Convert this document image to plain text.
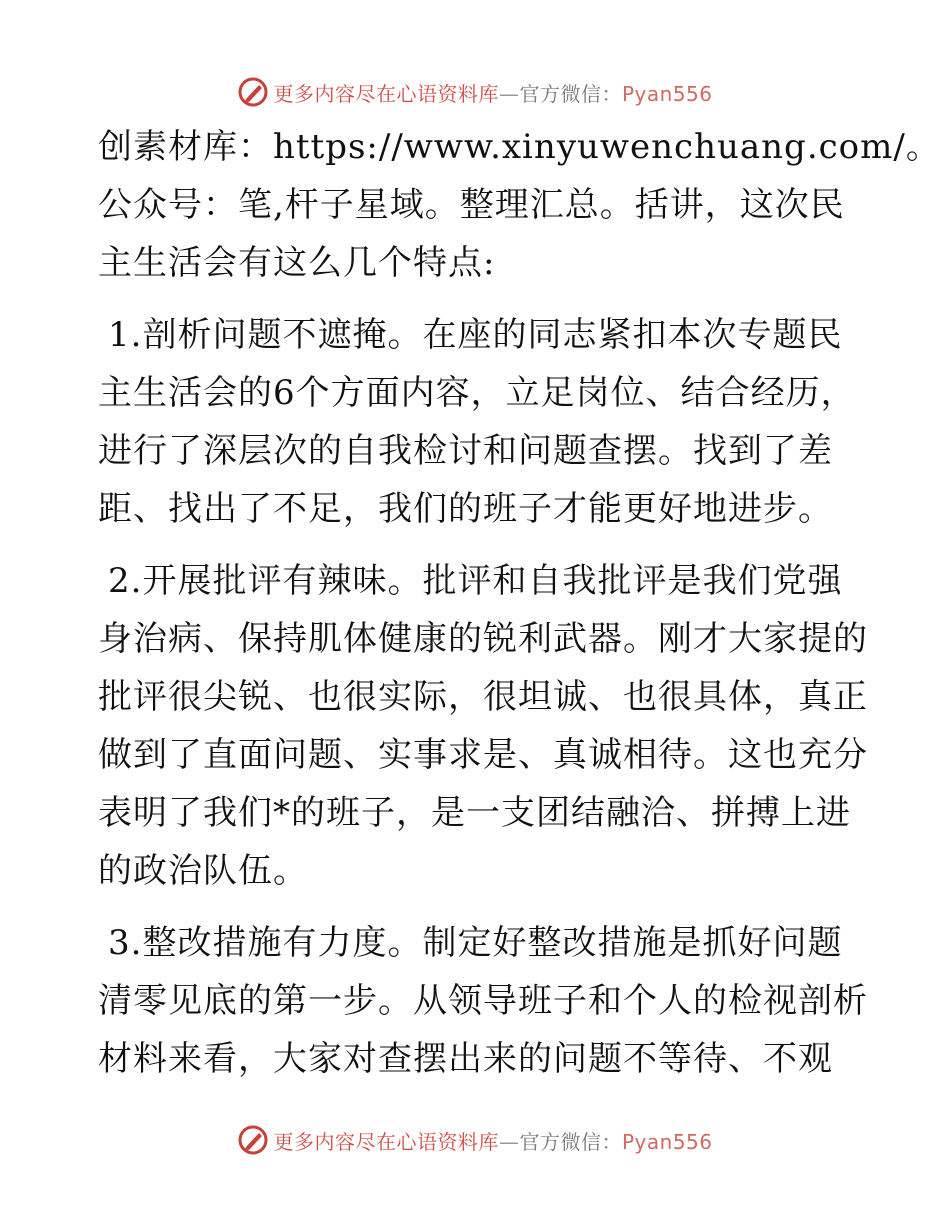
更多内容尽在心语资料库—官方微信：Pyan556
创素材库：https://www.xinyuwenchuang.com/。
公众号：笔,杆子星域。整理汇总。括讲，这次民
主生活会有这么几个特点:
1.剖析问题不遮掩。在座的同志紧扣本次专题民
主生活会的6个方面内容，立足岗位、结合经历，
进行了深层次的自我检讨和问题查摆。找到了差
距、找出了不足，我们的班子才能更好地进步。
2.开展批评有辣味。批评和自我批评是我们党强
身治病、保持肌体健康的锐利武器。刚才大家提的
批评很尖锐、也很实际，很坦诚、也很具体，真正
做到了直面问题、实事求是、真诚相待。这也充分
表明了我们*的班子，是一支团结融洽、拼搏上进
的政治队伍。
3.整改措施有力度。制定好整改措施是抓好问题
清零见底的第一步。从领导班子和个人的检视剖析
材料来看，大家对查摆出来的问题不等待、不观
更多内容尽在心语资料库—官方微信：Pyan556
